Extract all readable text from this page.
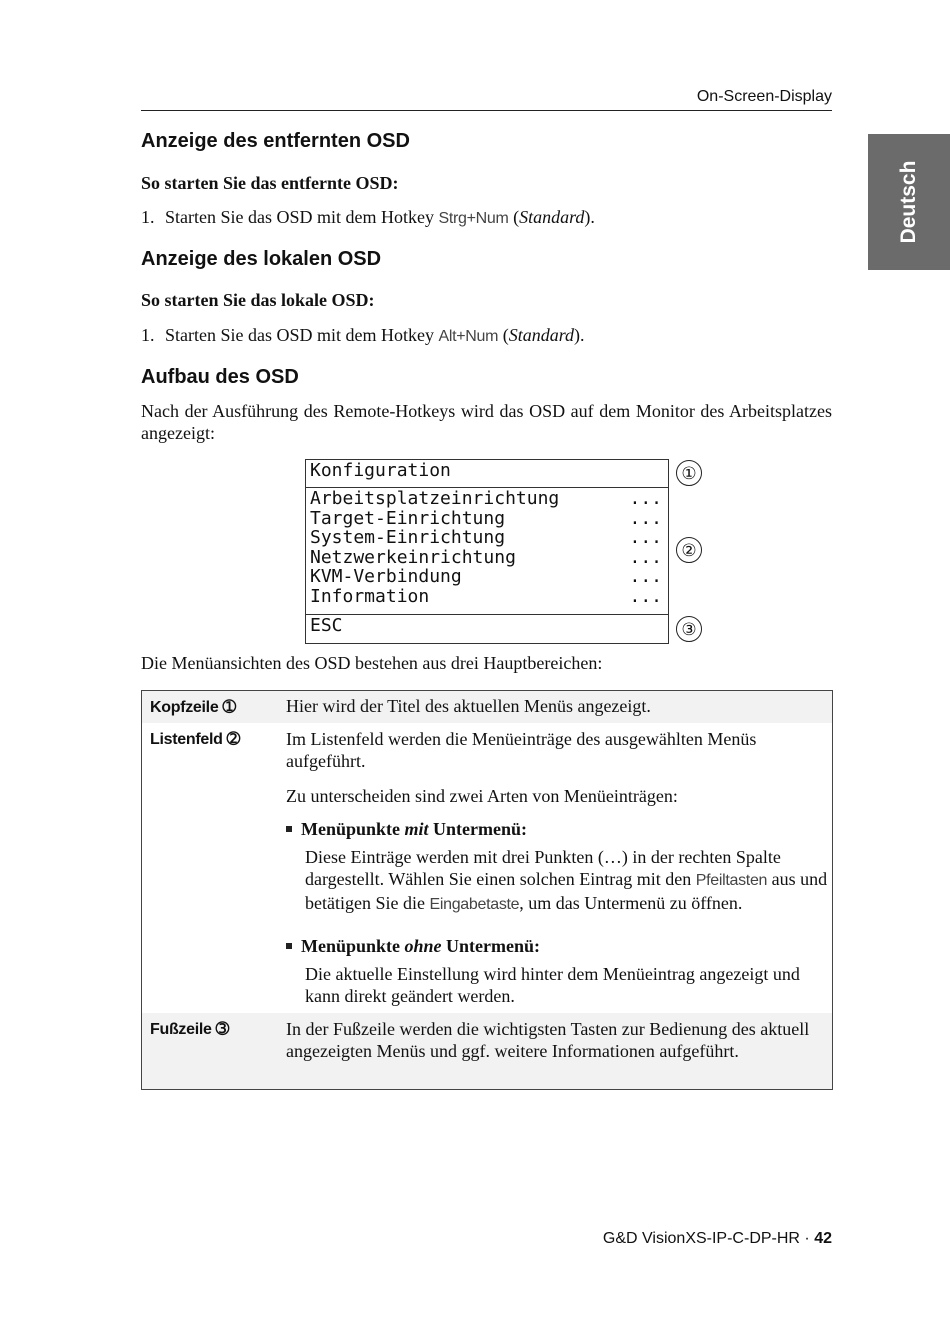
On-Screen-Display
Deutsch
Anzeige des entfernten OSD
So starten Sie das entfernte OSD:
1. Starten Sie das OSD mit dem Hotkey Strg+Num (Standard).
Anzeige des lokalen OSD
So starten Sie das lokale OSD:
1. Starten Sie das OSD mit dem Hotkey Alt+Num (Standard).
Aufbau des OSD
Nach der Ausführung des Remote-Hotkeys wird das OSD auf dem Monitor des Arbeitsplatzes angezeigt:
Konfiguration
Arbeitsplatzeinrichtung	...
Target-Einrichtung	...
System-Einrichtung	...
Netzwerkeinrichtung	...
KVM-Verbindung	...
Information	...
ESC
①
②
③
Die Menüansichten des OSD bestehen aus drei Hauptbereichen:
Kopfzeile ➀	Hier wird der Titel des aktuellen Menüs angezeigt.
Listenfeld ➁	Im Listenfeld werden die Menüeinträge des ausgewählten Menüs aufgeführt.
Zu unterscheiden sind zwei Arten von Menüeinträgen:
Menüpunkte mit Untermenü:
Diese Einträge werden mit drei Punkten (…) in der rechten Spalte dargestellt. Wählen Sie einen solchen Eintrag mit den Pfeiltasten aus und betätigen Sie die Eingabetaste, um das Untermenü zu öffnen.
Menüpunkte ohne Untermenü:
Die aktuelle Einstellung wird hinter dem Menüeintrag angezeigt und kann direkt geändert werden.
Fußzeile ➂	In der Fußzeile werden die wichtigsten Tasten zur Bedienung des aktuell angezeigten Menüs und ggf. weitere Informationen aufgeführt.
G&D VisionXS-IP-C-DP-HR · 42
